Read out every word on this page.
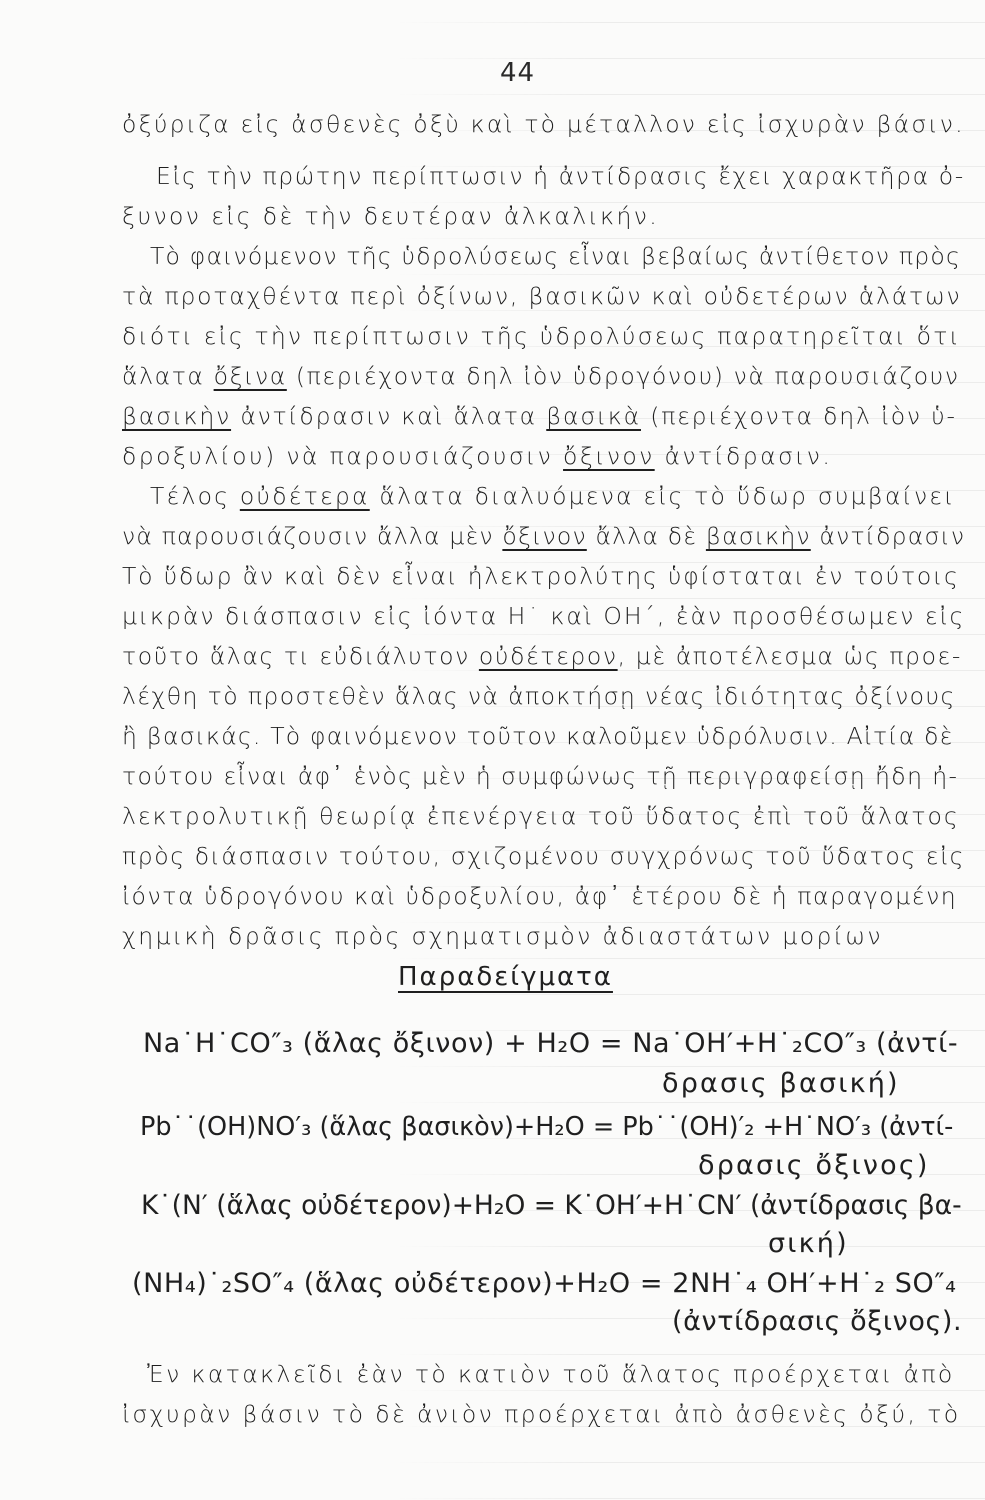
44
ὀξύριζα εἰς ἀσθενὲς ὀξὺ καὶ τὸ μέταλλον εἰς ἰσχυρὰν βάσιν.
Εἰς τὴν πρώτην περίπτωσιν ἡ ἀντίδρασις ἔχει χαρακτῆρα ὀ-
ξυνον εἰς δὲ τὴν δευτέραν ἀλκαλικήν.
Τὸ φαινόμενον τῆς ὑδρολύσεως εἶναι βεβαίως ἀντίθετον πρὸς
τὰ προταχθέντα περὶ ὀξίνων, βασικῶν καὶ οὐδετέρων ἁλάτων
διότι εἰς τὴν περίπτωσιν τῆς ὑδρολύσεως παρατηρεῖται ὅτι
ἅλατα ὄξινα (περιέχοντα δηλ ἰὸν ὑδρογόνου) νὰ παρουσιάζουν
βασικὴν ἀντίδρασιν καὶ ἅλατα βασικὰ (περιέχοντα δηλ ἰὸν ὑ-
δροξυλίου) νὰ παρουσιάζουσιν ὄξινον ἀντίδρασιν.
Τέλος οὐδέτερα ἅλατα διαλυόμενα εἰς τὸ ὕδωρ συμβαίνει
νὰ παρουσιάζουσιν ἄλλα μὲν ὄξινον ἄλλα δὲ βασικὴν ἀντίδρασιν
Τὸ ὕδωρ ἂν καὶ δὲν εἶναι ἠλεκτρολύτης ὑφίσταται ἐν τούτοις
μικρὰν διάσπασιν εἰς ἰόντα H˙ καὶ OH΄, ἐὰν προσθέσωμεν εἰς
τοῦτο ἅλας τι εὐδιάλυτον οὐδέτερον, μὲ ἀποτέλεσμα ὡς προε-
λέχθη τὸ προστεθὲν ἅλας νὰ ἀποκτήσῃ νέας ἰδιότητας ὀξίνους
ἢ βασικάς. Τὸ φαινόμενον τοῦτον καλοῦμεν ὑδρόλυσιν. Αἰτία δὲ
τούτου εἶναι ἀφ᾽ ἑνὸς μὲν ἡ συμφώνως τῇ περιγραφείσῃ ἤδη ἠ-
λεκτρολυτικῇ θεωρίᾳ ἐπενέργεια τοῦ ὕδατος ἐπὶ τοῦ ἅλατος
πρὸς διάσπασιν τούτου, σχιζομένου συγχρόνως τοῦ ὕδατος εἰς
ἰόντα ὑδρογόνου καὶ ὑδροξυλίου, ἀφ᾽ ἑτέρου δὲ ἡ παραγομένη
χημικὴ δρᾶσις πρὸς σχηματισμὸν ἀδιαστάτων μορίων
Παραδείγματα
Na˙H˙CO″₃ (ἅλας ὄξινον) + H₂O = Na˙OH′+H˙₂CO″₃ (ἀντί-
δρασις βασική)
Pb˙˙(OH)NO′₃ (ἅλας βασικὸν)+H₂O = Pb˙˙(OH)′₂ +H˙NO′₃ (ἀντί-
δρασις ὄξινος)
K˙(N′ (ἅλας οὐδέτερον)+H₂O = K˙OH′+H˙CN′ (ἀντίδρασις βα-
σική)
(NH₄)˙₂SO″₄ (ἅλας οὐδέτερον)+H₂O = 2NH˙₄ OH′+H˙₂ SO″₄
(ἀντίδρασις ὄξινος).
Ἐν κατακλεῖδι ἐὰν τὸ κατιὸν τοῦ ἅλατος προέρχεται ἀπὸ
ἰσχυρὰν βάσιν τὸ δὲ ἀνιὸν προέρχεται ἀπὸ ἀσθενὲς ὀξύ, τὸ
